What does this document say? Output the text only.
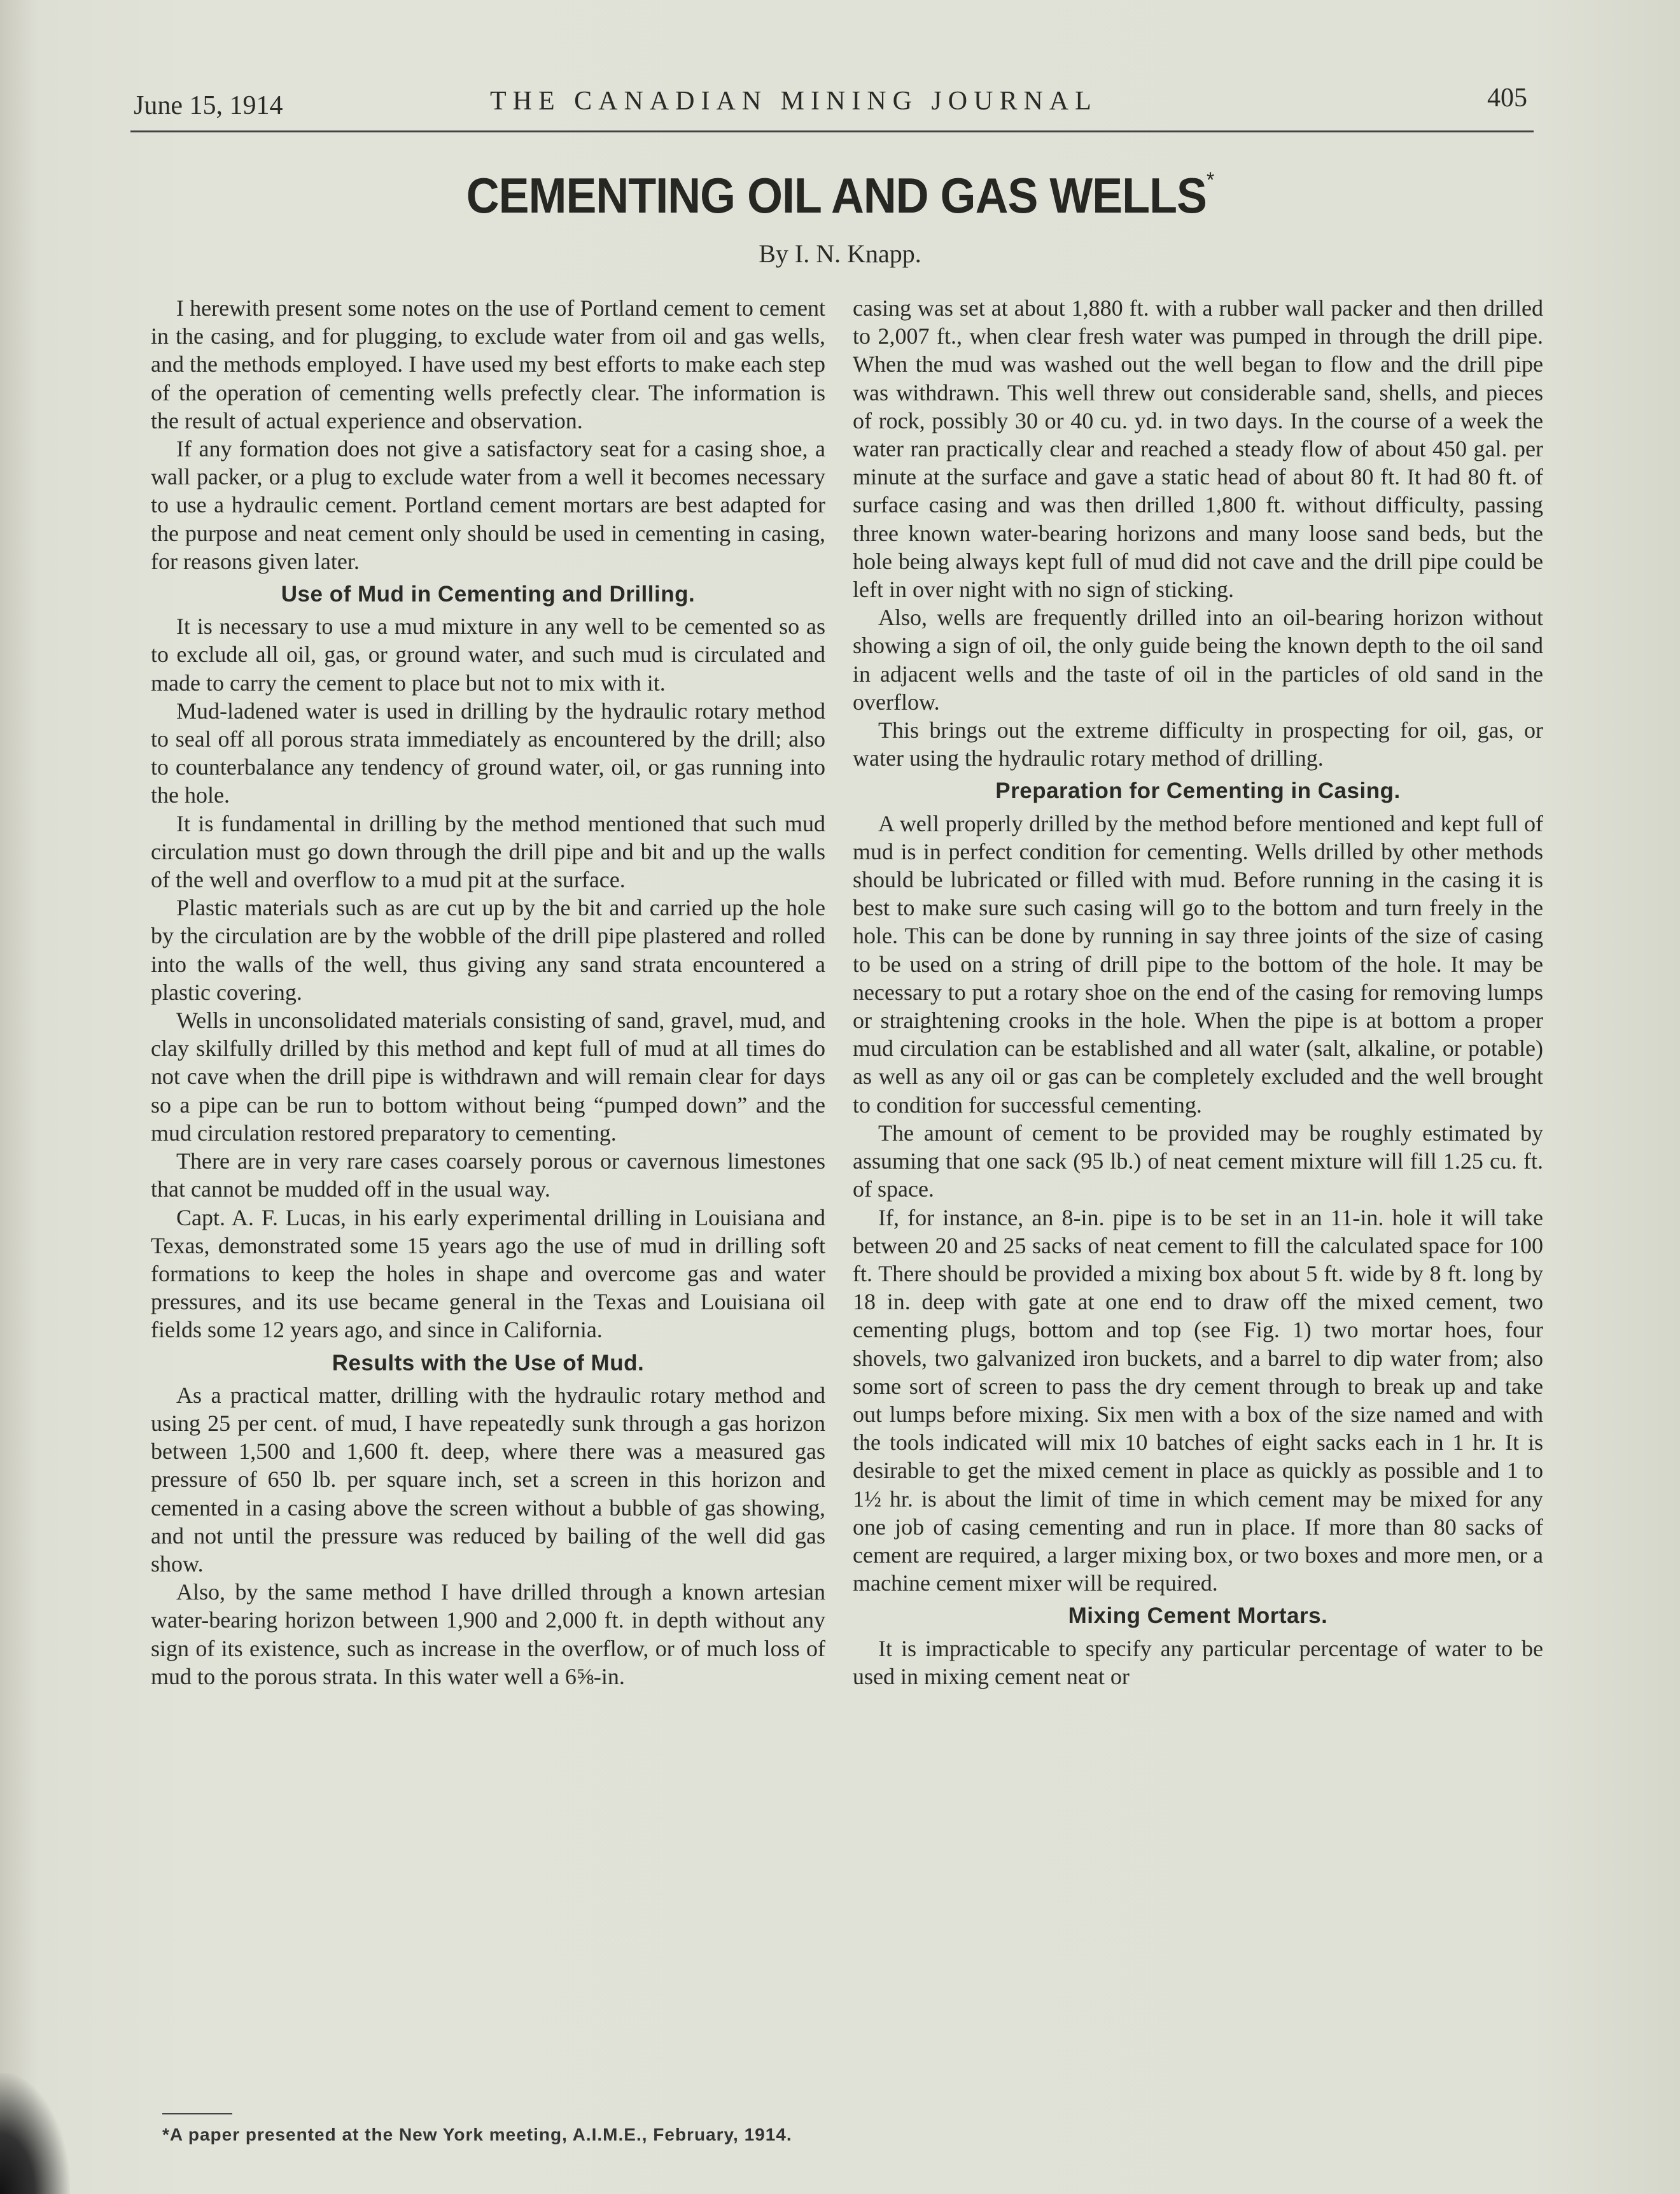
June 15, 1914	THE CANADIAN MINING JOURNAL	405
CEMENTING OIL AND GAS WELLS*
By I. N. Knapp.

I herewith present some notes on the use of Portland cement to cement in the casing, and for plugging, to exclude water from oil and gas wells, and the methods employed. I have used my best efforts to make each step of the operation of cementing wells prefectly clear. The information is the result of actual experience and observation.

If any formation does not give a satisfactory seat for a casing shoe, a wall packer, or a plug to exclude water from a well it becomes necessary to use a hydraulic cement. Portland cement mortars are best adapted for the purpose and neat cement only should be used in cementing in casing, for reasons given later.

Use of Mud in Cementing and Drilling.

It is necessary to use a mud mixture in any well to be cemented so as to exclude all oil, gas, or ground water, and such mud is circulated and made to carry the cement to place but not to mix with it.

Mud-ladened water is used in drilling by the hydraulic rotary method to seal off all porous strata immediately as encountered by the drill; also to counterbalance any tendency of ground water, oil, or gas running into the hole.

It is fundamental in drilling by the method mentioned that such mud circulation must go down through the drill pipe and bit and up the walls of the well and overflow to a mud pit at the surface.

Plastic materials such as are cut up by the bit and carried up the hole by the circulation are by the wobble of the drill pipe plastered and rolled into the walls of the well, thus giving any sand strata encountered a plastic covering.

Wells in unconsolidated materials consisting of sand, gravel, mud, and clay skilfully drilled by this method and kept full of mud at all times do not cave when the drill pipe is withdrawn and will remain clear for days so a pipe can be run to bottom without being “pumped down” and the mud circulation restored preparatory to cementing.

There are in very rare cases coarsely porous or cavernous limestones that cannot be mudded off in the usual way.

Capt. A. F. Lucas, in his early experimental drilling in Louisiana and Texas, demonstrated some 15 years ago the use of mud in drilling soft formations to keep the holes in shape and overcome gas and water pressures, and its use became general in the Texas and Louisiana oil fields some 12 years ago, and since in California.

Results with the Use of Mud.

As a practical matter, drilling with the hydraulic rotary method and using 25 per cent. of mud, I have repeatedly sunk through a gas horizon between 1,500 and 1,600 ft. deep, where there was a measured gas pressure of 650 lb. per square inch, set a screen in this horizon and cemented in a casing above the screen without a bubble of gas showing, and not until the pressure was reduced by bailing of the well did gas show.

Also, by the same method I have drilled through a known artesian water-bearing horizon between 1,900 and 2,000 ft. in depth without any sign of its existence, such as increase in the overflow, or of much loss of mud to the porous strata. In this water well a 6⅝-in.

casing was set at about 1,880 ft. with a rubber wall packer and then drilled to 2,007 ft., when clear fresh water was pumped in through the drill pipe. When the mud was washed out the well began to flow and the drill pipe was withdrawn. This well threw out considerable sand, shells, and pieces of rock, possibly 30 or 40 cu. yd. in two days. In the course of a week the water ran practically clear and reached a steady flow of about 450 gal. per minute at the surface and gave a static head of about 80 ft. It had 80 ft. of surface casing and was then drilled 1,800 ft. without difficulty, passing three known water-bearing horizons and many loose sand beds, but the hole being always kept full of mud did not cave and the drill pipe could be left in over night with no sign of sticking.

Also, wells are frequently drilled into an oil-bearing horizon without showing a sign of oil, the only guide being the known depth to the oil sand in adjacent wells and the taste of oil in the particles of old sand in the overflow.

This brings out the extreme difficulty in prospecting for oil, gas, or water using the hydraulic rotary method of drilling.

Preparation for Cementing in Casing.

A well properly drilled by the method before mentioned and kept full of mud is in perfect condition for cementing. Wells drilled by other methods should be lubricated or filled with mud. Before running in the casing it is best to make sure such casing will go to the bottom and turn freely in the hole. This can be done by running in say three joints of the size of casing to be used on a string of drill pipe to the bottom of the hole. It may be necessary to put a rotary shoe on the end of the casing for removing lumps or straightening crooks in the hole. When the pipe is at bottom a proper mud circulation can be established and all water (salt, alkaline, or potable) as well as any oil or gas can be completely excluded and the well brought to condition for successful cementing.

The amount of cement to be provided may be roughly estimated by assuming that one sack (95 lb.) of neat cement mixture will fill 1.25 cu. ft. of space.

If, for instance, an 8-in. pipe is to be set in an 11-in. hole it will take between 20 and 25 sacks of neat cement to fill the calculated space for 100 ft. There should be provided a mixing box about 5 ft. wide by 8 ft. long by 18 in. deep with gate at one end to draw off the mixed cement, two cementing plugs, bottom and top (see Fig. 1) two mortar hoes, four shovels, two galvanized iron buckets, and a barrel to dip water from; also some sort of screen to pass the dry cement through to break up and take out lumps before mixing. Six men with a box of the size named and with the tools indicated will mix 10 batches of eight sacks each in 1 hr. It is desirable to get the mixed cement in place as quickly as possible and 1 to 1½ hr. is about the limit of time in which cement may be mixed for any one job of casing cementing and run in place. If more than 80 sacks of cement are required, a larger mixing box, or two boxes and more men, or a machine cement mixer will be required.

Mixing Cement Mortars.

It is impracticable to specify any particular percentage of water to be used in mixing cement neat or

*A paper presented at the New York meeting, A.I.M.E., February, 1914.
